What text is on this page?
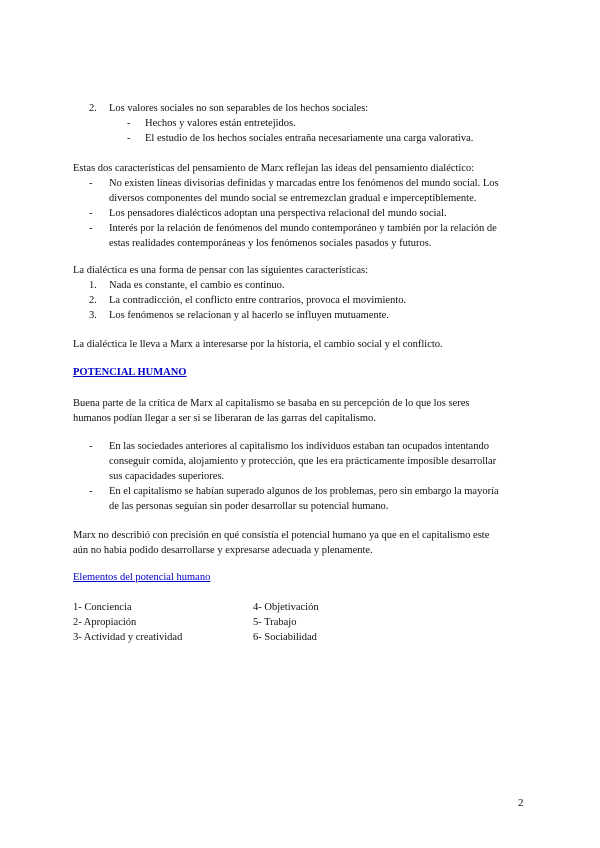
2. Los valores sociales no son separables de los hechos sociales:
- Hechos y valores están entretejidos.
- El estudio de los hechos sociales entraña necesariamente una carga valorativa.
Estas dos características del pensamiento de Marx reflejan las ideas del pensamiento dialéctico:
- No existen líneas divisorias definidas y marcadas entre los fenómenos del mundo social. Los
diversos componentes del mundo social se entremezclan gradual e imperceptiblemente.
- Los pensadores dialécticos adoptan una perspectiva relacional del mundo social.
- Interés por la relación de fenómenos del mundo contemporáneo y también por la relación de
estas realidades contemporáneas y los fenómenos sociales pasados y futuros.
La dialéctica es una forma de pensar con las siguientes características:
1. Nada es constante, el cambio es continuo.
2. La contradicción, el conflicto entre contrarios, provoca el movimiento.
3. Los fenómenos se relacionan y al hacerlo se influyen mutuamente.
La dialéctica le lleva a Marx a interesarse por la historia, el cambio social y el conflicto.
POTENCIAL HUMANO
Buena parte de la crítica de Marx al capitalismo se basaba en su percepción de lo que los seres
humanos podían llegar a ser si se liberaran de las garras del capitalismo.
- En las sociedades anteriores al capitalismo los individuos estaban tan ocupados intentando
conseguir comida, alojamiento y protección, que les era prácticamente imposible desarrollar
sus capacidades superiores.
- En el capitalismo se habían superado algunos de los problemas, pero sin embargo la mayoría
de las personas seguían sin poder desarrollar su potencial humano.
Marx no describió con precisión en qué consistía el potencial humano ya que en el capitalismo este
aún no había podido desarrollarse y expresarse adecuada y plenamente.
Elementos del potencial humano
1- Conciencia	4- Objetivación
2- Apropiación	5- Trabajo
3- Actividad y creatividad	6- Sociabilidad
2
